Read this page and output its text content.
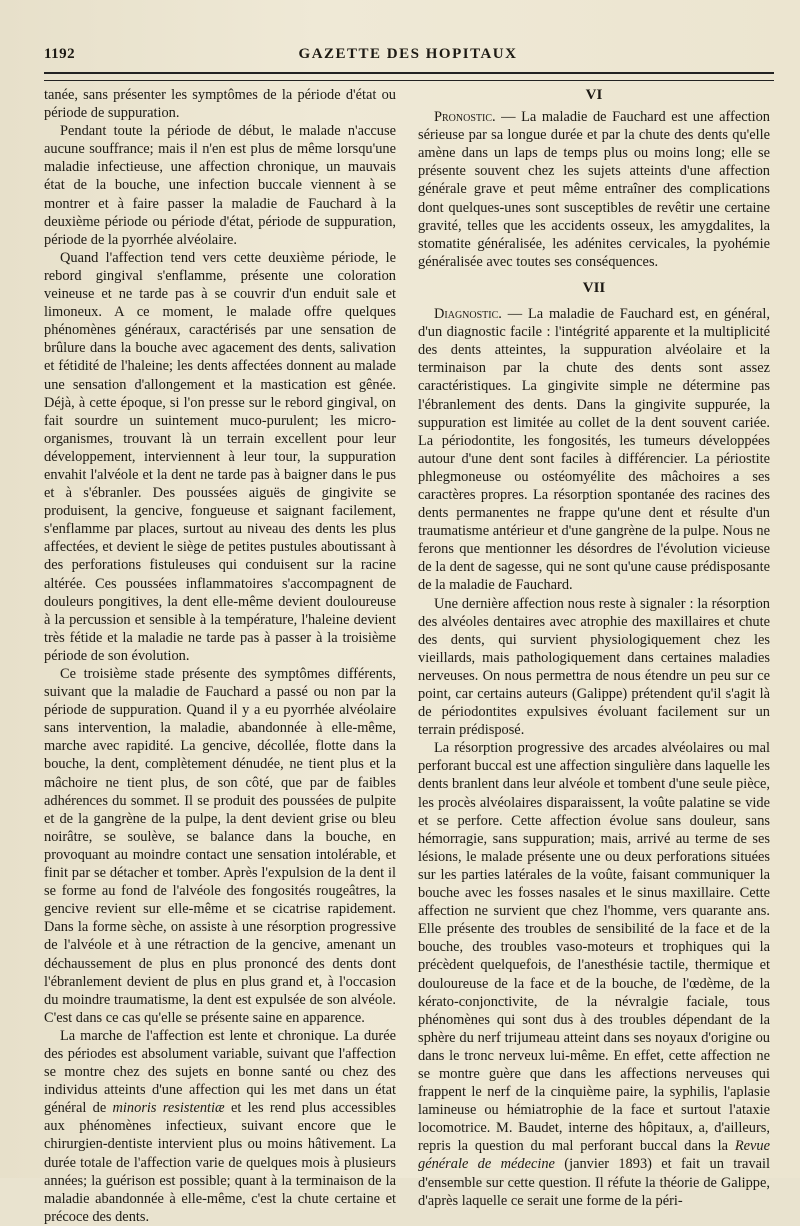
1192	GAZETTE DES HOPITAUX

tanée, sans présenter les symptômes de la période d'état ou période de suppuration.

Pendant toute la période de début, le malade n'accuse aucune souffrance; mais il n'en est plus de même lorsqu'une maladie infectieuse, une affection chronique, un mauvais état de la bouche, une infection buccale viennent à se montrer et à faire passer la maladie de Fauchard à la deuxième période ou période d'état, période de suppuration, période de la pyorrhée alvéolaire.

Quand l'affection tend vers cette deuxième période, le rebord gingival s'enflamme, présente une coloration veineuse et ne tarde pas à se couvrir d'un enduit sale et limoneux. A ce moment, le malade offre quelques phénomènes généraux, caractérisés par une sensation de brûlure dans la bouche avec agacement des dents, salivation et fétidité de l'haleine; les dents affectées donnent au malade une sensation d'allongement et la mastication est gênée. Déjà, à cette époque, si l'on presse sur le rebord gingival, on fait sourdre un suintement muco-purulent; les micro-organismes, trouvant là un terrain excellent pour leur développement, interviennent à leur tour, la suppuration envahit l'alvéole et la dent ne tarde pas à baigner dans le pus et à s'ébranler. Des poussées aiguës de gingivite se produisent, la gencive, fongueuse et saignant facilement, s'enflamme par places, surtout au niveau des dents les plus affectées, et devient le siège de petites pustules aboutissant à des perforations fistuleuses qui conduisent sur la racine altérée. Ces poussées inflammatoires s'accompagnent de douleurs pongitives, la dent elle-même devient douloureuse à la percussion et sensible à la température, l'haleine devient très fétide et la maladie ne tarde pas à passer à la troisième période de son évolution.

Ce troisième stade présente des symptômes différents, suivant que la maladie de Fauchard a passé ou non par la période de suppuration. Quand il y a eu pyorrhée alvéolaire sans intervention, la maladie, abandonnée à elle-même, marche avec rapidité. La gencive, décollée, flotte dans la bouche, la dent, complètement dénudée, ne tient plus et la mâchoire ne tient plus, de son côté, que par de faibles adhérences du sommet. Il se produit des poussées de pulpite et de la gangrène de la pulpe, la dent devient grise ou bleu noirâtre, se soulève, se balance dans la bouche, en provoquant au moindre contact une sensation intolérable, et finit par se détacher et tomber. Après l'expulsion de la dent il se forme au fond de l'alvéole des fongosités rougeâtres, la gencive revient sur elle-même et se cicatrise rapidement. Dans la forme sèche, on assiste à une résorption progressive de l'alvéole et à une rétraction de la gencive, amenant un déchaussement de plus en plus prononcé des dents dont l'ébranlement devient de plus en plus grand et, à l'occasion du moindre traumatisme, la dent est expulsée de son alvéole. C'est dans ce cas qu'elle se présente saine en apparence.

La marche de l'affection est lente et chronique. La durée des périodes est absolument variable, suivant que l'affection se montre chez des sujets en bonne santé ou chez des individus atteints d'une affection qui les met dans un état général de minoris resistentiæ et les rend plus accessibles aux phénomènes infectieux, suivant encore que le chirurgien-dentiste intervient plus ou moins hâtivement. La durée totale de l'affection varie de quelques mois à plusieurs années; la guérison est possible; quant à la terminaison de la maladie abandonnée à elle-même, c'est la chute certaine et précoce des dents.

VI

Pronostic. — La maladie de Fauchard est une affection sérieuse par sa longue durée et par la chute des dents qu'elle amène dans un laps de temps plus ou moins long; elle se présente souvent chez les sujets atteints d'une affection générale grave et peut même entraîner des complications dont quelques-unes sont susceptibles de revêtir une certaine gravité, telles que les accidents osseux, les amygdalites, la stomatite généralisée, les adénites cervicales, la pyohémie généralisée avec toutes ses conséquences.

VII

Diagnostic. — La maladie de Fauchard est, en général, d'un diagnostic facile : l'intégrité apparente et la multiplicité des dents atteintes, la suppuration alvéolaire et la terminaison par la chute des dents sont assez caractéristiques. La gingivite simple ne détermine pas l'ébranlement des dents. Dans la gingivite suppurée, la suppuration est limitée au collet de la dent souvent cariée. La périodontite, les fongosités, les tumeurs développées autour d'une dent sont faciles à différencier. La périostite phlegmoneuse ou ostéomyélite des mâchoires a ses caractères propres. La résorption spontanée des racines des dents permanentes ne frappe qu'une dent et résulte d'un traumatisme antérieur et d'une gangrène de la pulpe. Nous ne ferons que mentionner les désordres de l'évolution vicieuse de la dent de sagesse, qui ne sont qu'une cause prédisposante de la maladie de Fauchard.

Une dernière affection nous reste à signaler : la résorption des alvéoles dentaires avec atrophie des maxillaires et chute des dents, qui survient physiologiquement chez les vieillards, mais pathologiquement dans certaines maladies nerveuses. On nous permettra de nous étendre un peu sur ce point, car certains auteurs (Galippe) prétendent qu'il s'agit là de périodontites expulsives évoluant facilement sur un terrain prédisposé.

La résorption progressive des arcades alvéolaires ou mal perforant buccal est une affection singulière dans laquelle les dents branlent dans leur alvéole et tombent d'une seule pièce, les procès alvéolaires disparaissent, la voûte palatine se vide et se perfore. Cette affection évolue sans douleur, sans hémorragie, sans suppuration; mais, arrivé au terme de ses lésions, le malade présente une ou deux perforations situées sur les parties latérales de la voûte, faisant communiquer la bouche avec les fosses nasales et le sinus maxillaire. Cette affection ne survient que chez l'homme, vers quarante ans. Elle présente des troubles de sensibilité de la face et de la bouche, des troubles vaso-moteurs et trophiques qui la précèdent quelquefois, de l'anesthésie tactile, thermique et douloureuse de la face et de la bouche, de l'œdème, de la kérato-conjonctivite, de la névralgie faciale, tous phénomènes qui sont dus à des troubles dépendant de la sphère du nerf trijumeau atteint dans ses noyaux d'origine ou dans le tronc nerveux lui-même. En effet, cette affection ne se montre guère que dans les affections nerveuses qui frappent le nerf de la cinquième paire, la syphilis, l'aplasie lamineuse ou hémiatrophie de la face et surtout l'ataxie locomotrice. M. Baudet, interne des hôpitaux, a, d'ailleurs, repris la question du mal perforant buccal dans la Revue générale de médecine (janvier 1893) et fait un travail d'ensemble sur cette question. Il réfute la théorie de Galippe, d'après laquelle ce serait une forme de la péri-
